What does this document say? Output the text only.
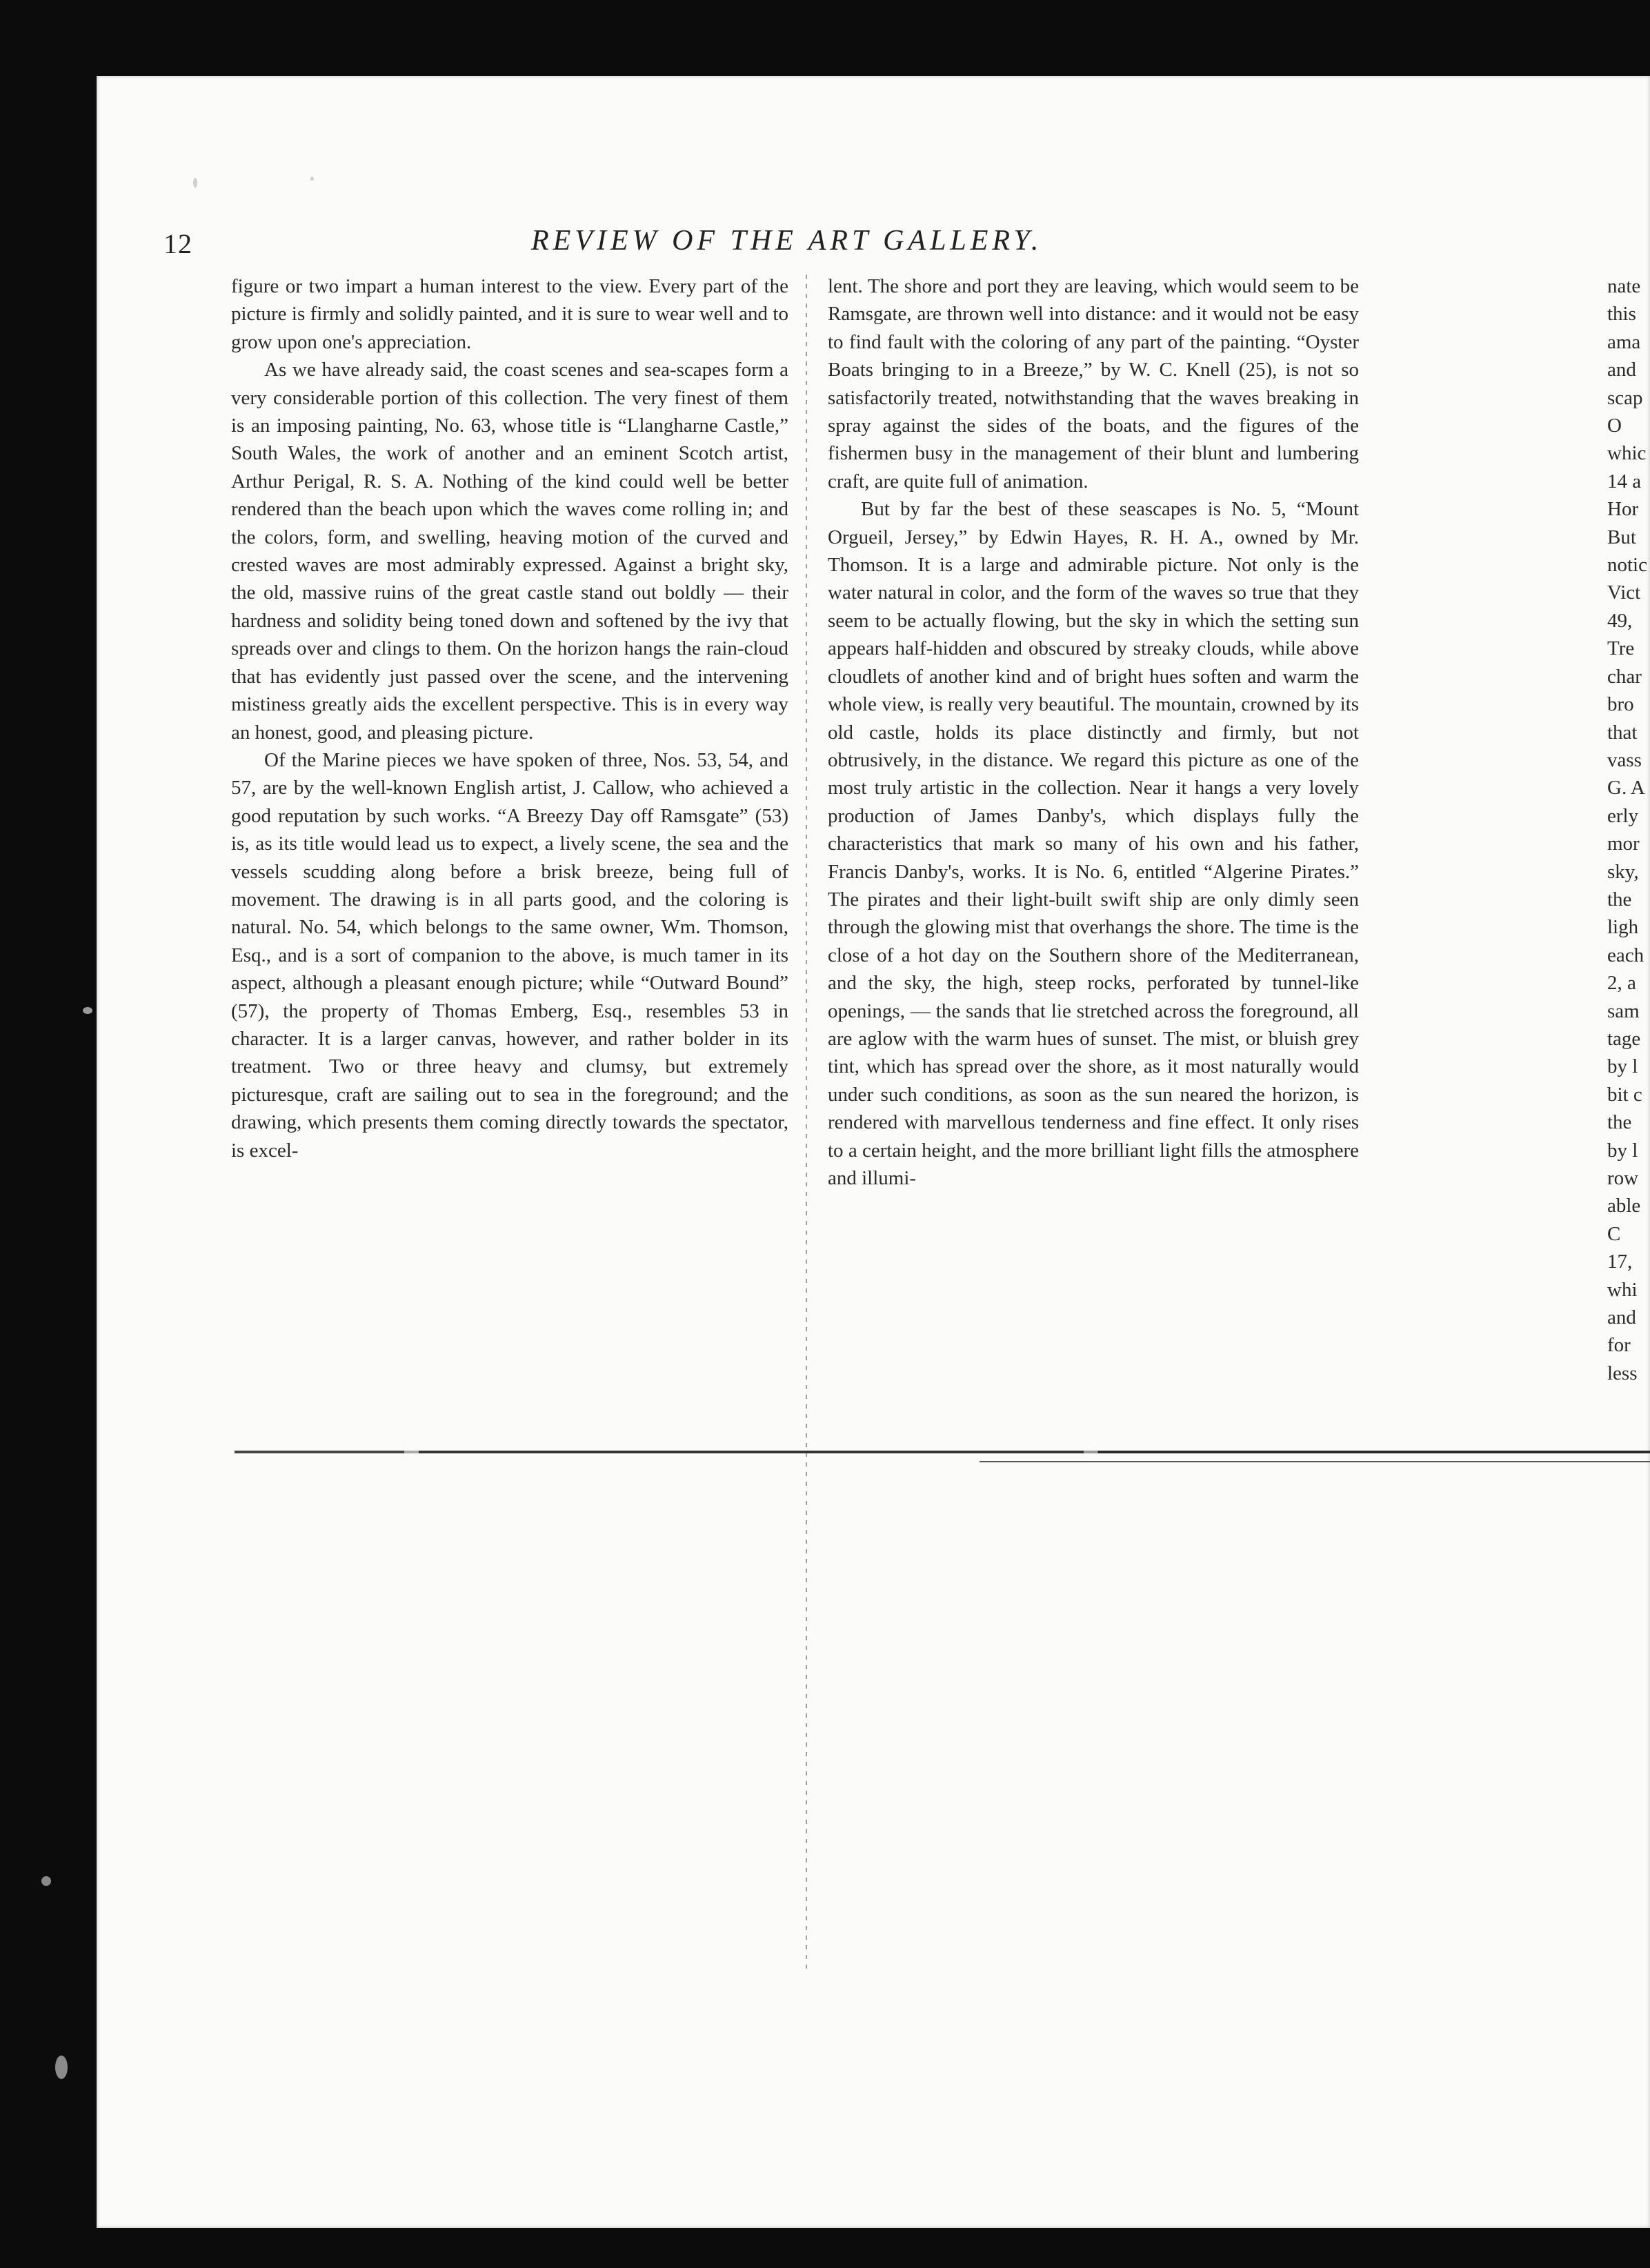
12	REVIEW OF THE ART GALLERY.

figure or two impart a human interest to the view. Every part of the picture is firmly and solidly painted, and it is sure to wear well and to grow upon one's appreciation.

As we have already said, the coast scenes and sea-scapes form a very considerable portion of this collection. The very finest of them is an imposing painting, No. 63, whose title is “Llangharne Castle,” South Wales, the work of another and an eminent Scotch artist, Arthur Perigal, R. S. A. Nothing of the kind could well be better rendered than the beach upon which the waves come rolling in; and the colors, form, and swelling, heaving motion of the curved and crested waves are most admirably expressed. Against a bright sky, the old, massive ruins of the great castle stand out boldly — their hardness and solidity being toned down and softened by the ivy that spreads over and clings to them. On the horizon hangs the rain-cloud that has evidently just passed over the scene, and the intervening mistiness greatly aids the excellent perspective. This is in every way an honest, good, and pleasing picture.

Of the Marine pieces we have spoken of three, Nos. 53, 54, and 57, are by the well-known English artist, J. Callow, who achieved a good reputation by such works. “A Breezy Day off Ramsgate” (53) is, as its title would lead us to expect, a lively scene, the sea and the vessels scudding along before a brisk breeze, being full of movement. The drawing is in all parts good, and the coloring is natural. No. 54, which belongs to the same owner, Wm. Thomson, Esq., and is a sort of companion to the above, is much tamer in its aspect, although a pleasant enough picture; while “Outward Bound” (57), the property of Thomas Emberg, Esq., resembles 53 in character. It is a larger canvas, however, and rather bolder in its treatment. Two or three heavy and clumsy, but extremely picturesque, craft are sailing out to sea in the foreground; and the drawing, which presents them coming directly towards the spectator, is excel-

lent. The shore and port they are leaving, which would seem to be Ramsgate, are thrown well into distance: and it would not be easy to find fault with the coloring of any part of the painting. “Oyster Boats bringing to in a Breeze,” by W. C. Knell (25), is not so satisfactorily treated, notwithstanding that the waves breaking in spray against the sides of the boats, and the figures of the fishermen busy in the management of their blunt and lumbering craft, are quite full of animation.

But by far the best of these seascapes is No. 5, “Mount Orgueil, Jersey,” by Edwin Hayes, R. H. A., owned by Mr. Thomson. It is a large and admirable picture. Not only is the water natural in color, and the form of the waves so true that they seem to be actually flowing, but the sky in which the setting sun appears half-hidden and obscured by streaky clouds, while above cloudlets of another kind and of bright hues soften and warm the whole view, is really very beautiful. The mountain, crowned by its old castle, holds its place distinctly and firmly, but not obtrusively, in the distance. We regard this picture as one of the most truly artistic in the collection. Near it hangs a very lovely production of James Danby's, which displays fully the characteristics that mark so many of his own and his father, Francis Danby's, works. It is No. 6, entitled “Algerine Pirates.” The pirates and their light-built swift ship are only dimly seen through the glowing mist that overhangs the shore. The time is the close of a hot day on the Southern shore of the Mediterranean, and the sky, the high, steep rocks, perforated by tunnel-like openings, — the sands that lie stretched across the foreground, all are aglow with the warm hues of sunset. The mist, or bluish grey tint, which has spread over the shore, as it most naturally would under such conditions, as soon as the sun neared the horizon, is rendered with marvellous tenderness and fine effect. It only rises to a certain height, and the more brilliant light fills the atmosphere and illumi-

nate
this
ama
and
scap
O
whic
14 a
Hor
But
notic
Vict
49,
Tre
char
bro
that
vass
G. A
erly
mor
sky,
the
ligh
each
2, a
sam
tage
by l
bit c
the
by l
row
able
C
17,
whi
and
for
less
